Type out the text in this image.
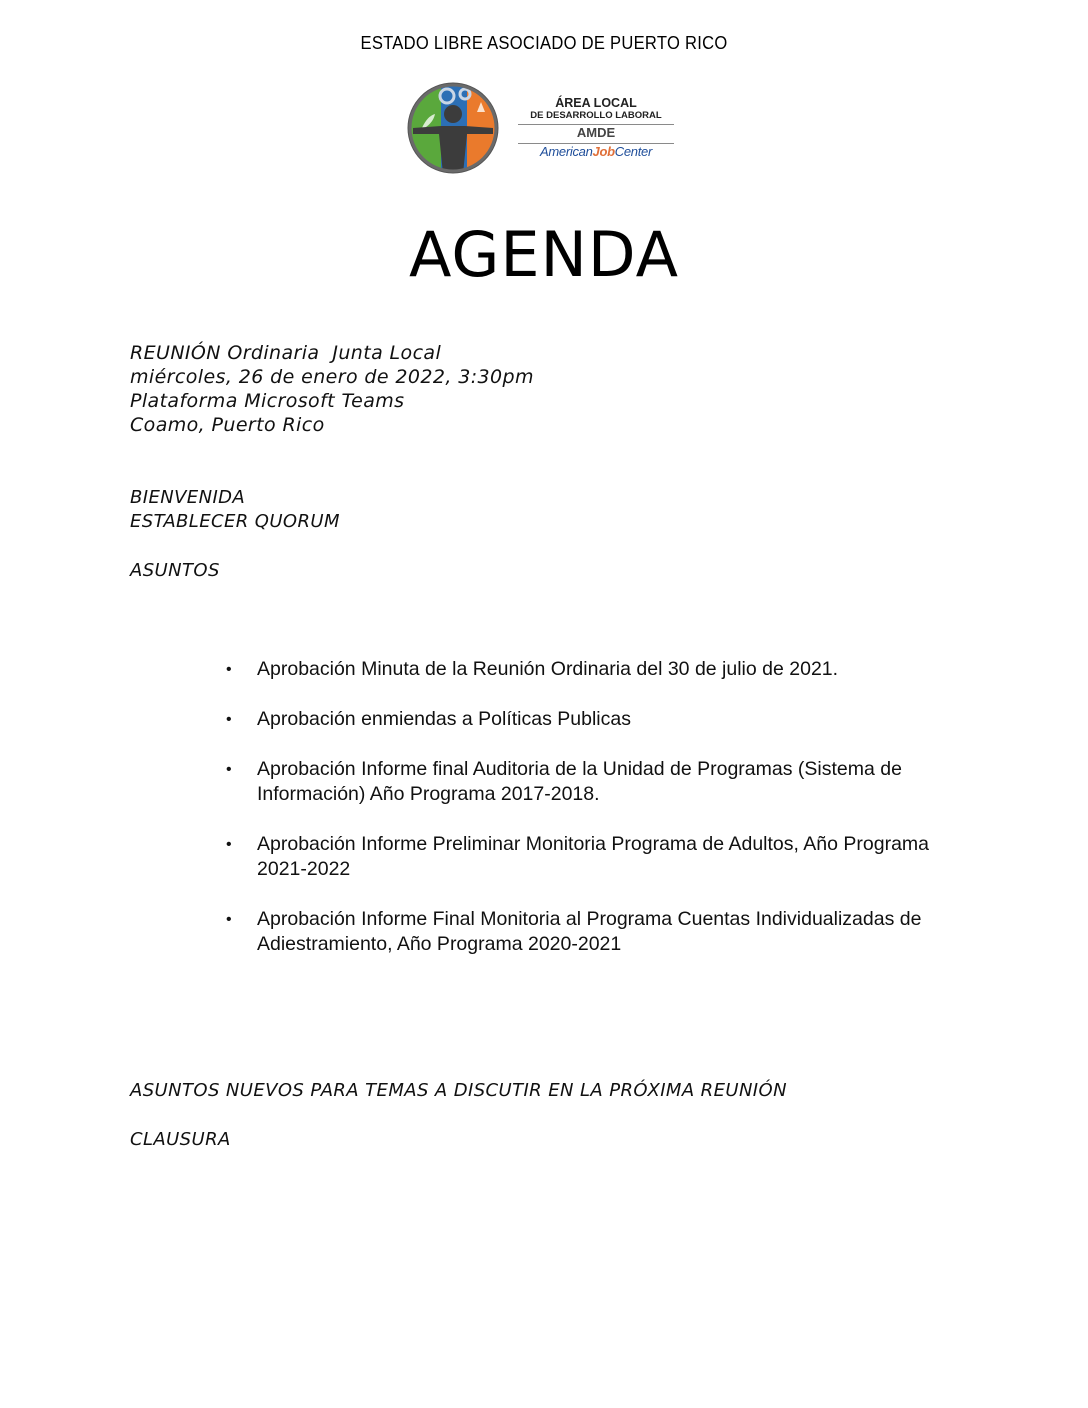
ESTADO LIBRE ASOCIADO DE PUERTO RICO
ÁREA LOCAL
DE DESARROLLO LABORAL
AMDE
AmericanJobCenter
AGENDA
REUNIÓN Ordinaria  Junta Local
miércoles, 26 de enero de 2022, 3:30pm
Plataforma Microsoft Teams
Coamo, Puerto Rico
BIENVENIDA
ESTABLECER QUORUM
ASUNTOS
• Aprobación Minuta de la Reunión Ordinaria del 30 de julio de 2021.
• Aprobación enmiendas a Políticas Publicas
• Aprobación Informe final Auditoria de la Unidad de Programas (Sistema de Información) Año Programa 2017-2018.
• Aprobación Informe Preliminar Monitoria Programa de Adultos, Año Programa 2021-2022
• Aprobación Informe Final Monitoria al Programa Cuentas Individualizadas de Adiestramiento, Año Programa 2020-2021
ASUNTOS NUEVOS PARA TEMAS A DISCUTIR EN LA PRÓXIMA REUNIÓN
CLAUSURA
